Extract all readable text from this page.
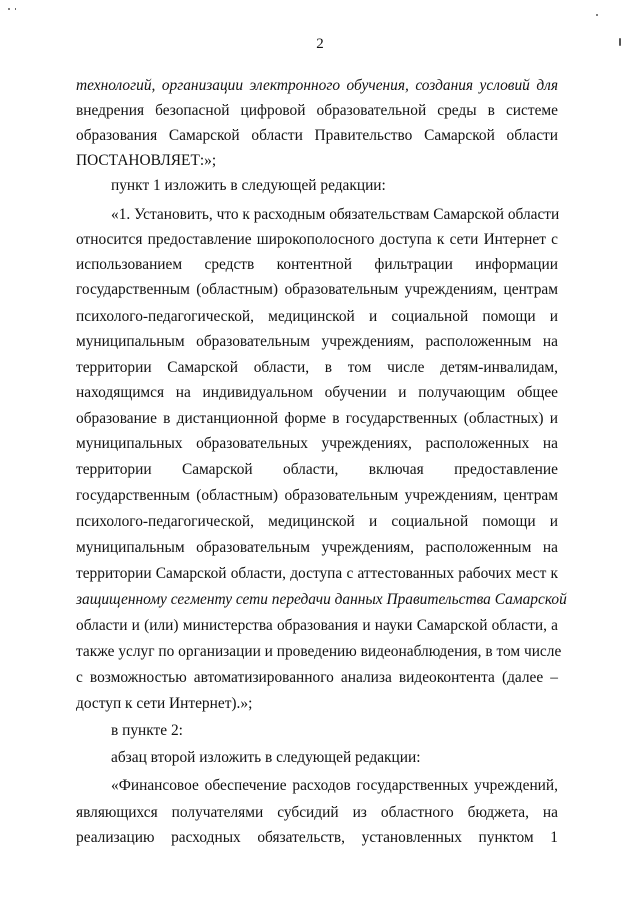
2

технологий, организации электронного обучения, создания условий для

внедрения безопасной цифровой образовательной среды в системе

образования Самарской области Правительство Самарской области

ПОСТАНОВЛЯЕТ:»;

пункт 1 изложить в следующей редакции:

«1. Установить, что к расходным обязательствам Самарской области

относится предоставление широкополосного доступа к сети Интернет с

использованием средств контентной фильтрации информации

государственным (областным) образовательным учреждениям, центрам

психолого-педагогической, медицинской и социальной помощи и

муниципальным образовательным учреждениям, расположенным на

территории Самарской области, в том числе детям-инвалидам,

находящимся на индивидуальном обучении и получающим общее

образование в дистанционной форме в государственных (областных) и

муниципальных образовательных учреждениях, расположенных на

территории Самарской области, включая предоставление

государственным (областным) образовательным учреждениям, центрам

психолого-педагогической, медицинской и социальной помощи и

муниципальным образовательным учреждениям, расположенным на

территории Самарской области, доступа с аттестованных рабочих мест к

защищенному сегменту сети передачи данных Правительства Самарской

области и (или) министерства образования и науки Самарской области, а

также услуг по организации и проведению видеонаблюдения, в том числе

с возможностью автоматизированного анализа видеоконтента (далее –

доступ к сети Интернет).»;

в пункте 2:

абзац второй изложить в следующей редакции:

«Финансовое обеспечение расходов государственных учреждений,

являющихся получателями субсидий из областного бюджета, на

реализацию расходных обязательств, установленных пунктом 1
